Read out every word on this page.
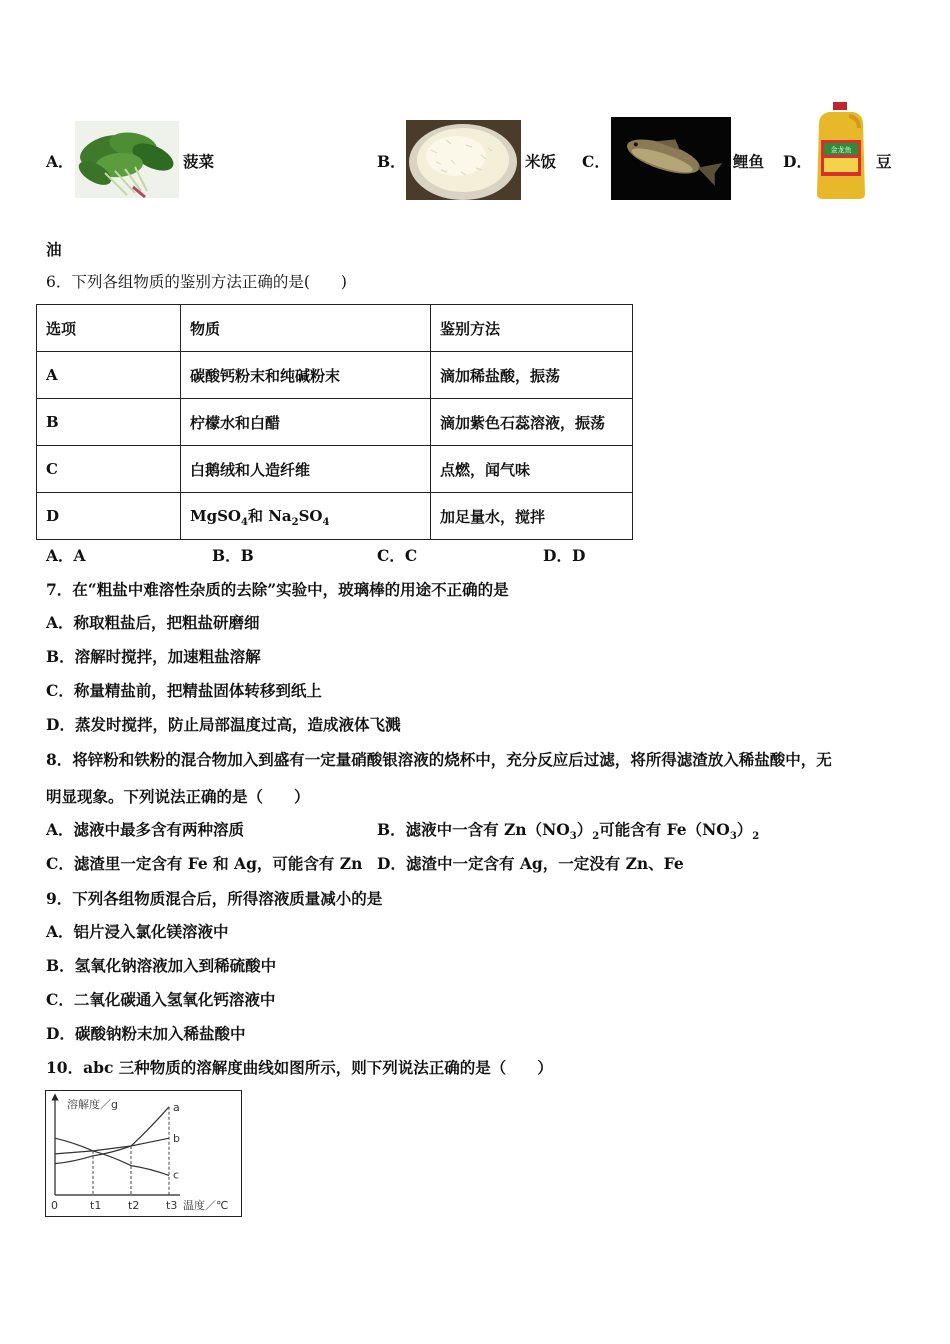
A．	菠菜	B．	米饭 C．	鲤鱼 D．
金龙鱼
豆
油
6．下列各组物质的鉴别方法正确的是(　　)
选项	物质	鉴别方法
A	碳酸钙粉末和纯碱粉末	滴加稀盐酸，振荡
B	柠檬水和白醋	滴加紫色石蕊溶液，振荡
C	白鹅绒和人造纤维	点燃，闻气味
D	MgSO$_4$和 $Na_2SO_4$	加足量水，搅拌
A．A	B．B	C．C	D．D
7．在“粗盐中难溶性杂质的去除”实验中，玻璃棒的用途不正确的是
A．称取粗盐后，把粗盐研磨细
B．溶解时搅拌，加速粗盐溶解
C．称量精盐前，把精盐固体转移到纸上
D．蒸发时搅拌，防止局部温度过高，造成液体飞溅
8．将锌粉和铁粉的混合物加入到盛有一定量硝酸银溶液的烧杯中，充分反应后过滤，将所得滤渣放入稀盐酸中，无
明显现象。下列说法正确的是（　　）
A．滤液中最多含有两种溶质	B．滤液中一含有 $Zn(NO_3)_2$可能含有 $Fe(NO_3)_2$
C．滤渣里一定含有 Fe 和 Ag，可能含有 Zn D．滤渣中一定含有 Ag，一定没有 Zn、Fe
9．下列各组物质混合后，所得溶液质量减小的是
A．铝片浸入氯化镁溶液中
B．氢氧化钠溶液加入到稀硫酸中
C．二氧化碳通入氢氧化钙溶液中
D．碳酸钠粉末加入稀盐酸中
10．abc 三种物质的溶解度曲线如图所示，则下列说法正确的是（　　）
溶解度／g
温度／℃
0	t1 t2 t3
a
b
c
